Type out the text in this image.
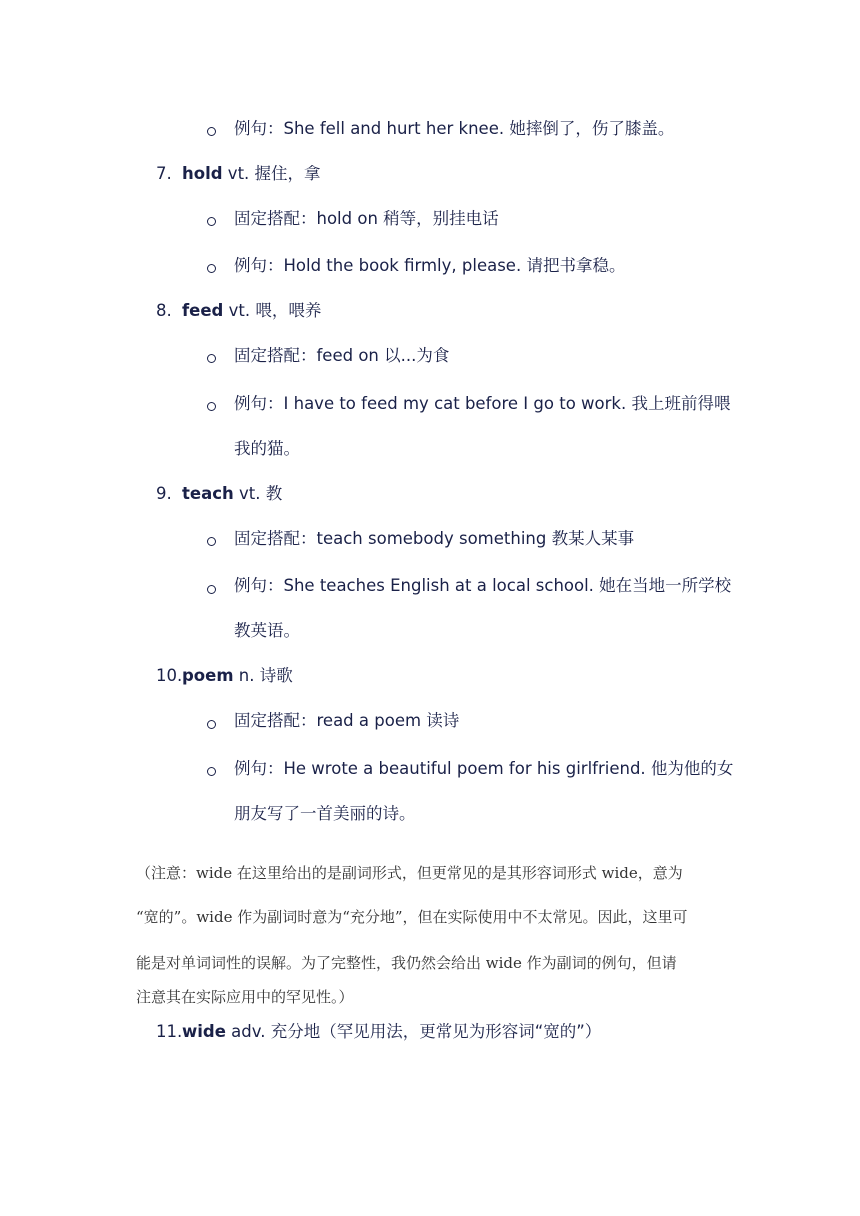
例句：She fell and hurt her knee. 她摔倒了，伤了膝盖。
7. hold vt. 握住，拿
固定搭配：hold on 稍等，别挂电话
例句：Hold the book firmly, please. 请把书拿稳。
8. feed vt. 喂，喂养
固定搭配：feed on 以...为食
例句：I have to feed my cat before I go to work. 我上班前得喂
我的猫。
9. teach vt. 教
固定搭配：teach somebody something 教某人某事
例句：She teaches English at a local school. 她在当地一所学校
教英语。
10. poem n. 诗歌
固定搭配：read a poem 读诗
例句：He wrote a beautiful poem for his girlfriend. 他为他的女
朋友写了一首美丽的诗。
（注意：wide 在这里给出的是副词形式，但更常见的是其形容词形式 wide，意为
“宽的”。wide 作为副词时意为“充分地”，但在实际使用中不太常见。因此，这里可
能是对单词词性的误解。为了完整性，我仍然会给出 wide 作为副词的例句，但请
注意其在实际应用中的罕见性。）
11. wide adv. 充分地（罕见用法，更常见为形容词“宽的”）
